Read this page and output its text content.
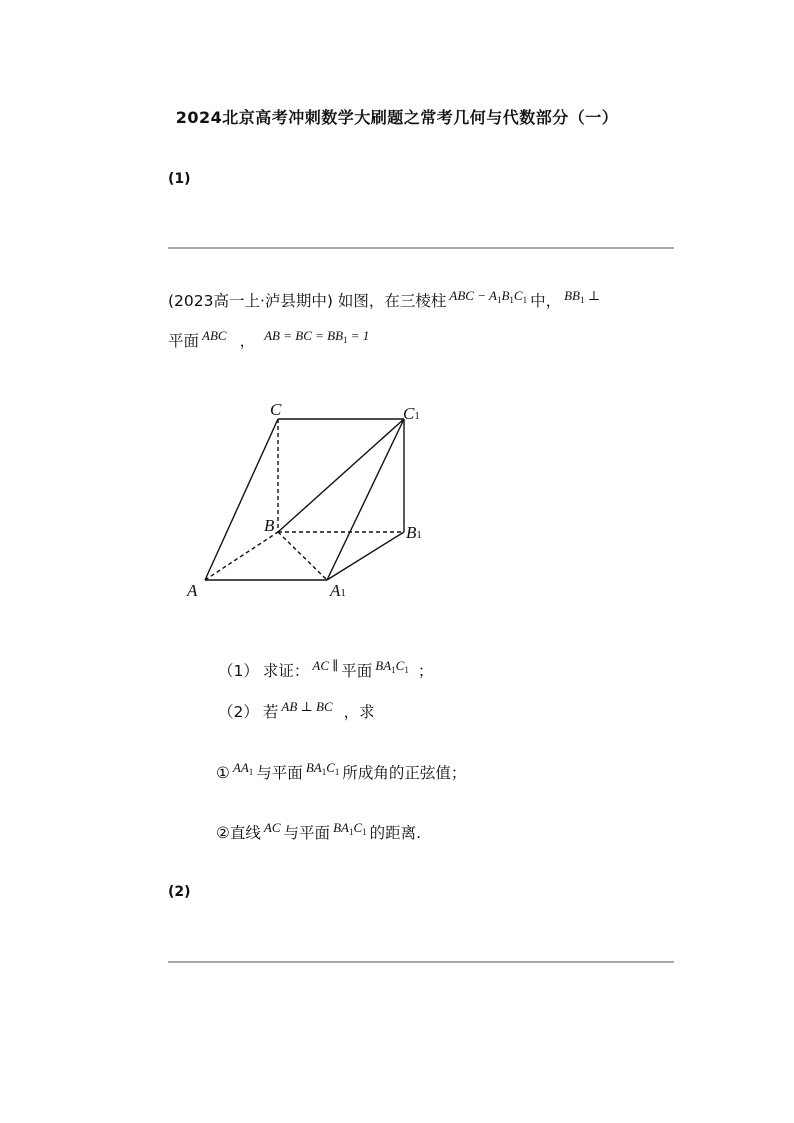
2024北京高考冲刺数学大刷题之常考几何与代数部分（一）
(1)
(2023高一上·泸县期中) 如图，在三棱柱 $^{ABC - A_1B_1C_1}$ 中， $^{BB_1 \perp}$
平面 $^{ABC}$ ， $^{AB = BC = BB_1 = 1}$
C	C1
B	B1
A	A1
（1） 求证： $^{AC \parallel}$ 平面 $^{BA_1C_1}$ ；
（2） 若 $^{AB \perp BC}$ ，求
① $^{AA_1}$ 与平面 $^{BA_1C_1}$ 所成角的正弦值；
②直线 $^{AC}$ 与平面 $^{BA_1C_1}$ 的距离.
(2)
